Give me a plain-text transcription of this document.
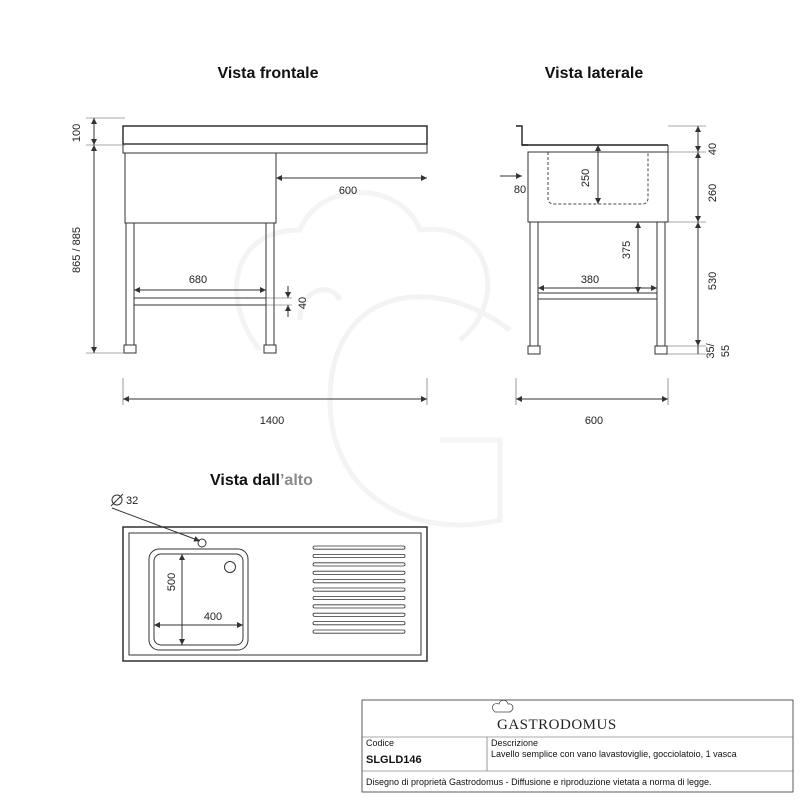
Vista frontale
100
865 / 885
600
680
40
1400
Vista laterale
80
250
375
380
40
260
530
35/ 55
600
Vista dall’alto
32
500
400
GASTRODOMUS
Codice
SLGLD146
Descrizione
Lavello semplice con vano lavastoviglie, gocciolatoio, 1 vasca
Disegno di proprietà Gastrodomus - Diffusione e riproduzione vietata a norma di legge.
